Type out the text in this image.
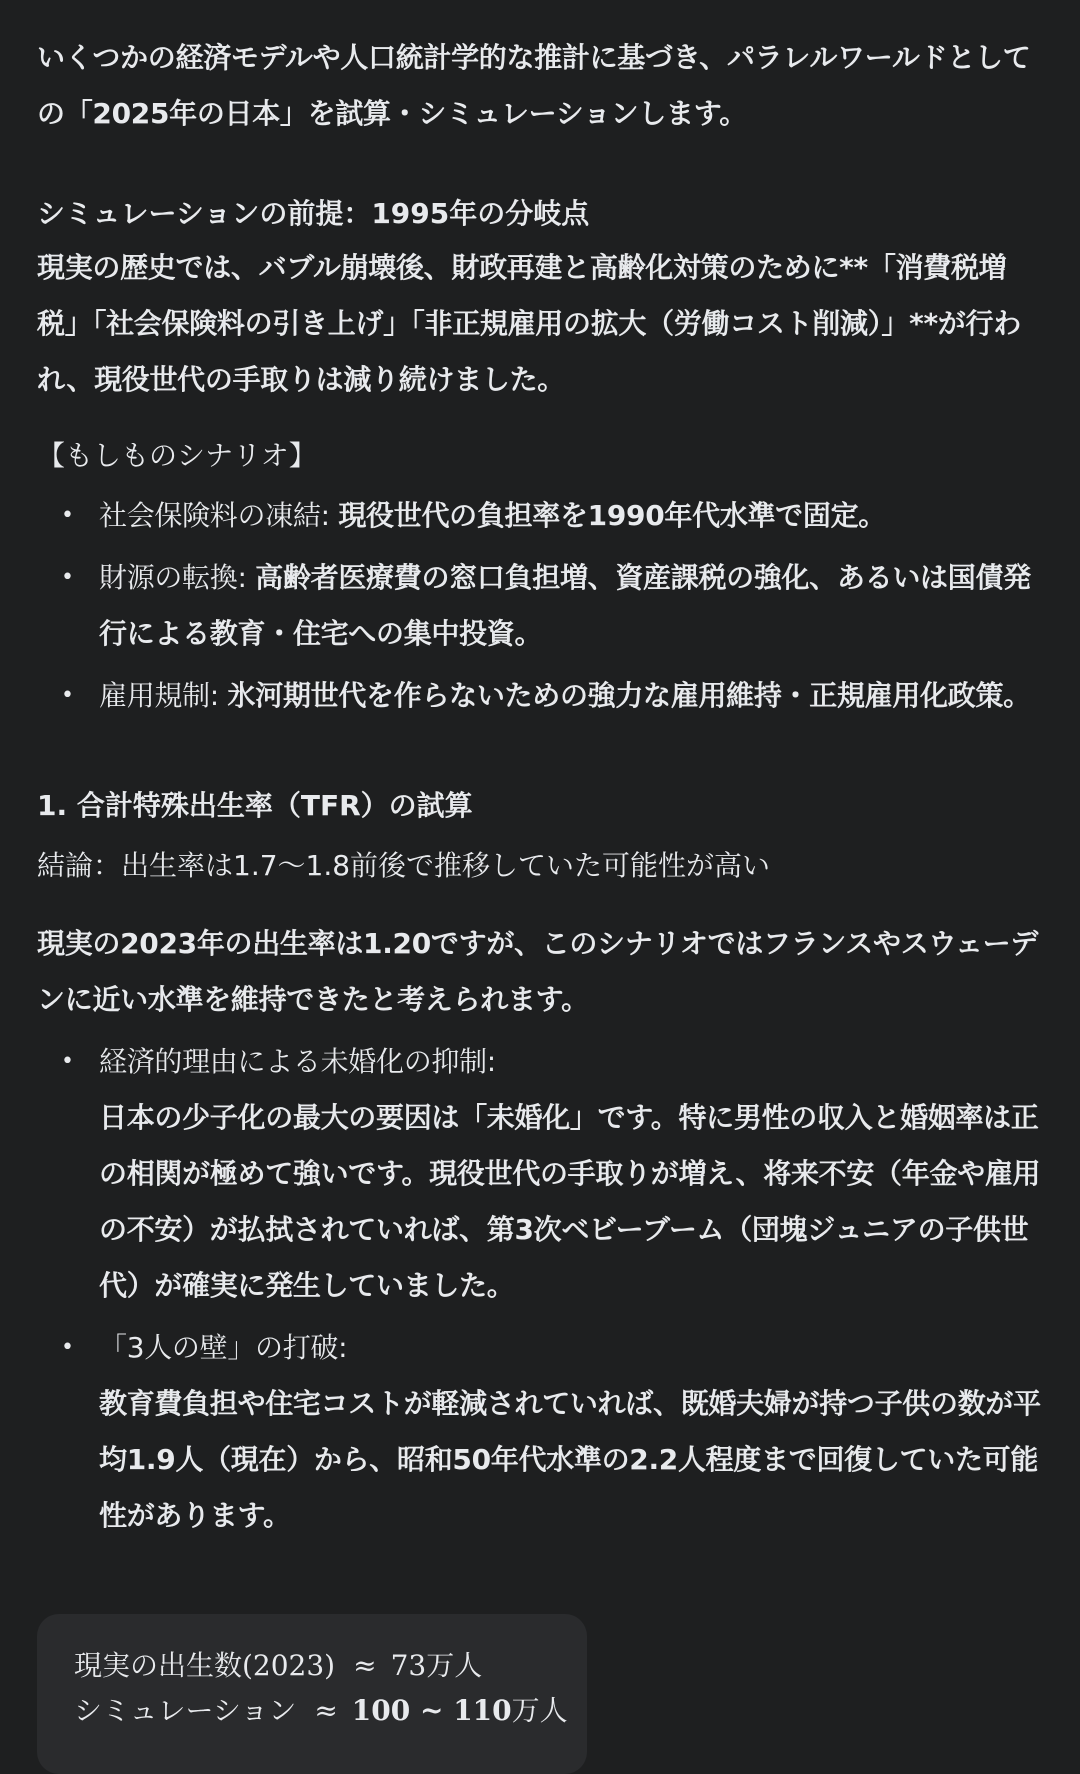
いくつかの経済モデルや人口統計学的な推計に基づき、パラレルワールドとしての「2025年の日本」を試算・シミュレーションします。

シミュレーションの前提：1995年の分岐点

現実の歴史では、バブル崩壊後、財政再建と高齢化対策のために**「消費税増税」「社会保険料の引き上げ」「非正規雇用の拡大（労働コスト削減）」**が行われ、現役世代の手取りは減り続けました。

【もしものシナリオ】

• 社会保険料の凍結: 現役世代の負担率を1990年代水準で固定。
• 財源の転換: 高齢者医療費の窓口負担増、資産課税の強化、あるいは国債発行による教育・住宅への集中投資。
• 雇用規制: 氷河期世代を作らないための強力な雇用維持・正規雇用化政策。

1. 合計特殊出生率（TFR）の試算

結論：出生率は1.7〜1.8前後で推移していた可能性が高い

現実の2023年の出生率は1.20ですが、このシナリオではフランスやスウェーデンに近い水準を維持できたと考えられます。

• 経済的理由による未婚化の抑制:
日本の少子化の最大の要因は「未婚化」です。特に男性の収入と婚姻率は正の相関が極めて強いです。現役世代の手取りが増え、将来不安（年金や雇用の不安）が払拭されていれば、第3次ベビーブーム（団塊ジュニアの子供世代）が確実に発生していました。
• 「3人の壁」の打破:
教育費負担や住宅コストが軽減されていれば、既婚夫婦が持つ子供の数が平均1.9人（現在）から、昭和50年代水準の2.2人程度まで回復していた可能性があります。
現実の出生数(2023) ≈ 73万人
シミュレーション ≈ 100 ~ 110万人
